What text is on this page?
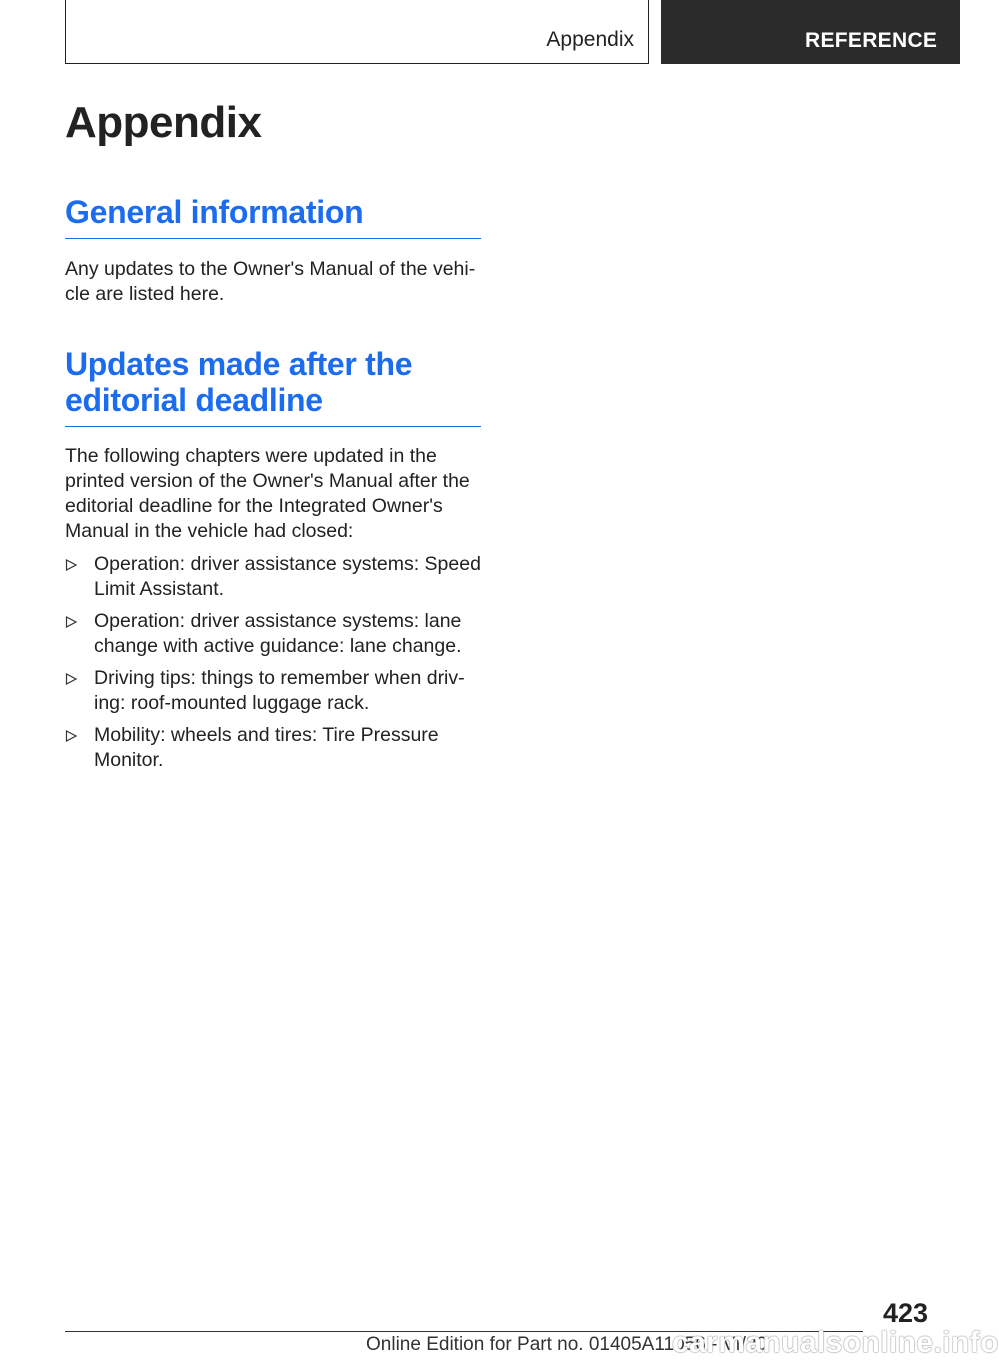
Appendix	REFERENCE
Appendix
General information
Any updates to the Owner's Manual of the vehi-cle are listed here.
Updates made after the editorial deadline
The following chapters were updated in the printed version of the Owner's Manual after the editorial deadline for the Integrated Owner's Manual in the vehicle had closed:
Operation: driver assistance systems: Speed Limit Assistant.
Operation: driver assistance systems: lane change with active guidance: lane change.
Driving tips: things to remember when driv-ing: roof-mounted luggage rack.
Mobility: wheels and tires: Tire Pressure Monitor.
423
Online Edition for Part no. 01405A11056 - VI/20
carmanualsonline.info
